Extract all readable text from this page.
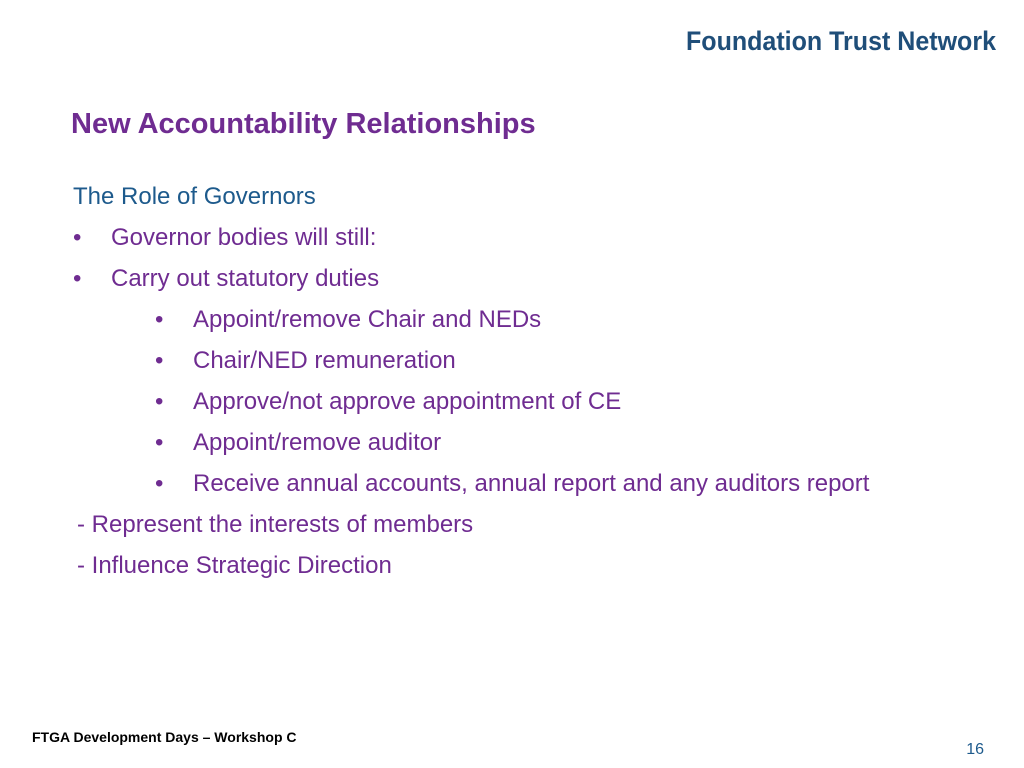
Foundation Trust Network
New Accountability Relationships
The Role of Governors
• Governor bodies will still:
• Carry out statutory duties
• Appoint/remove Chair and NEDs
• Chair/NED remuneration
• Approve/not approve appointment of CE
• Appoint/remove auditor
• Receive annual accounts, annual report and any auditors report
- Represent the interests of members
- Influence Strategic Direction
FTGA Development Days – Workshop C
16
